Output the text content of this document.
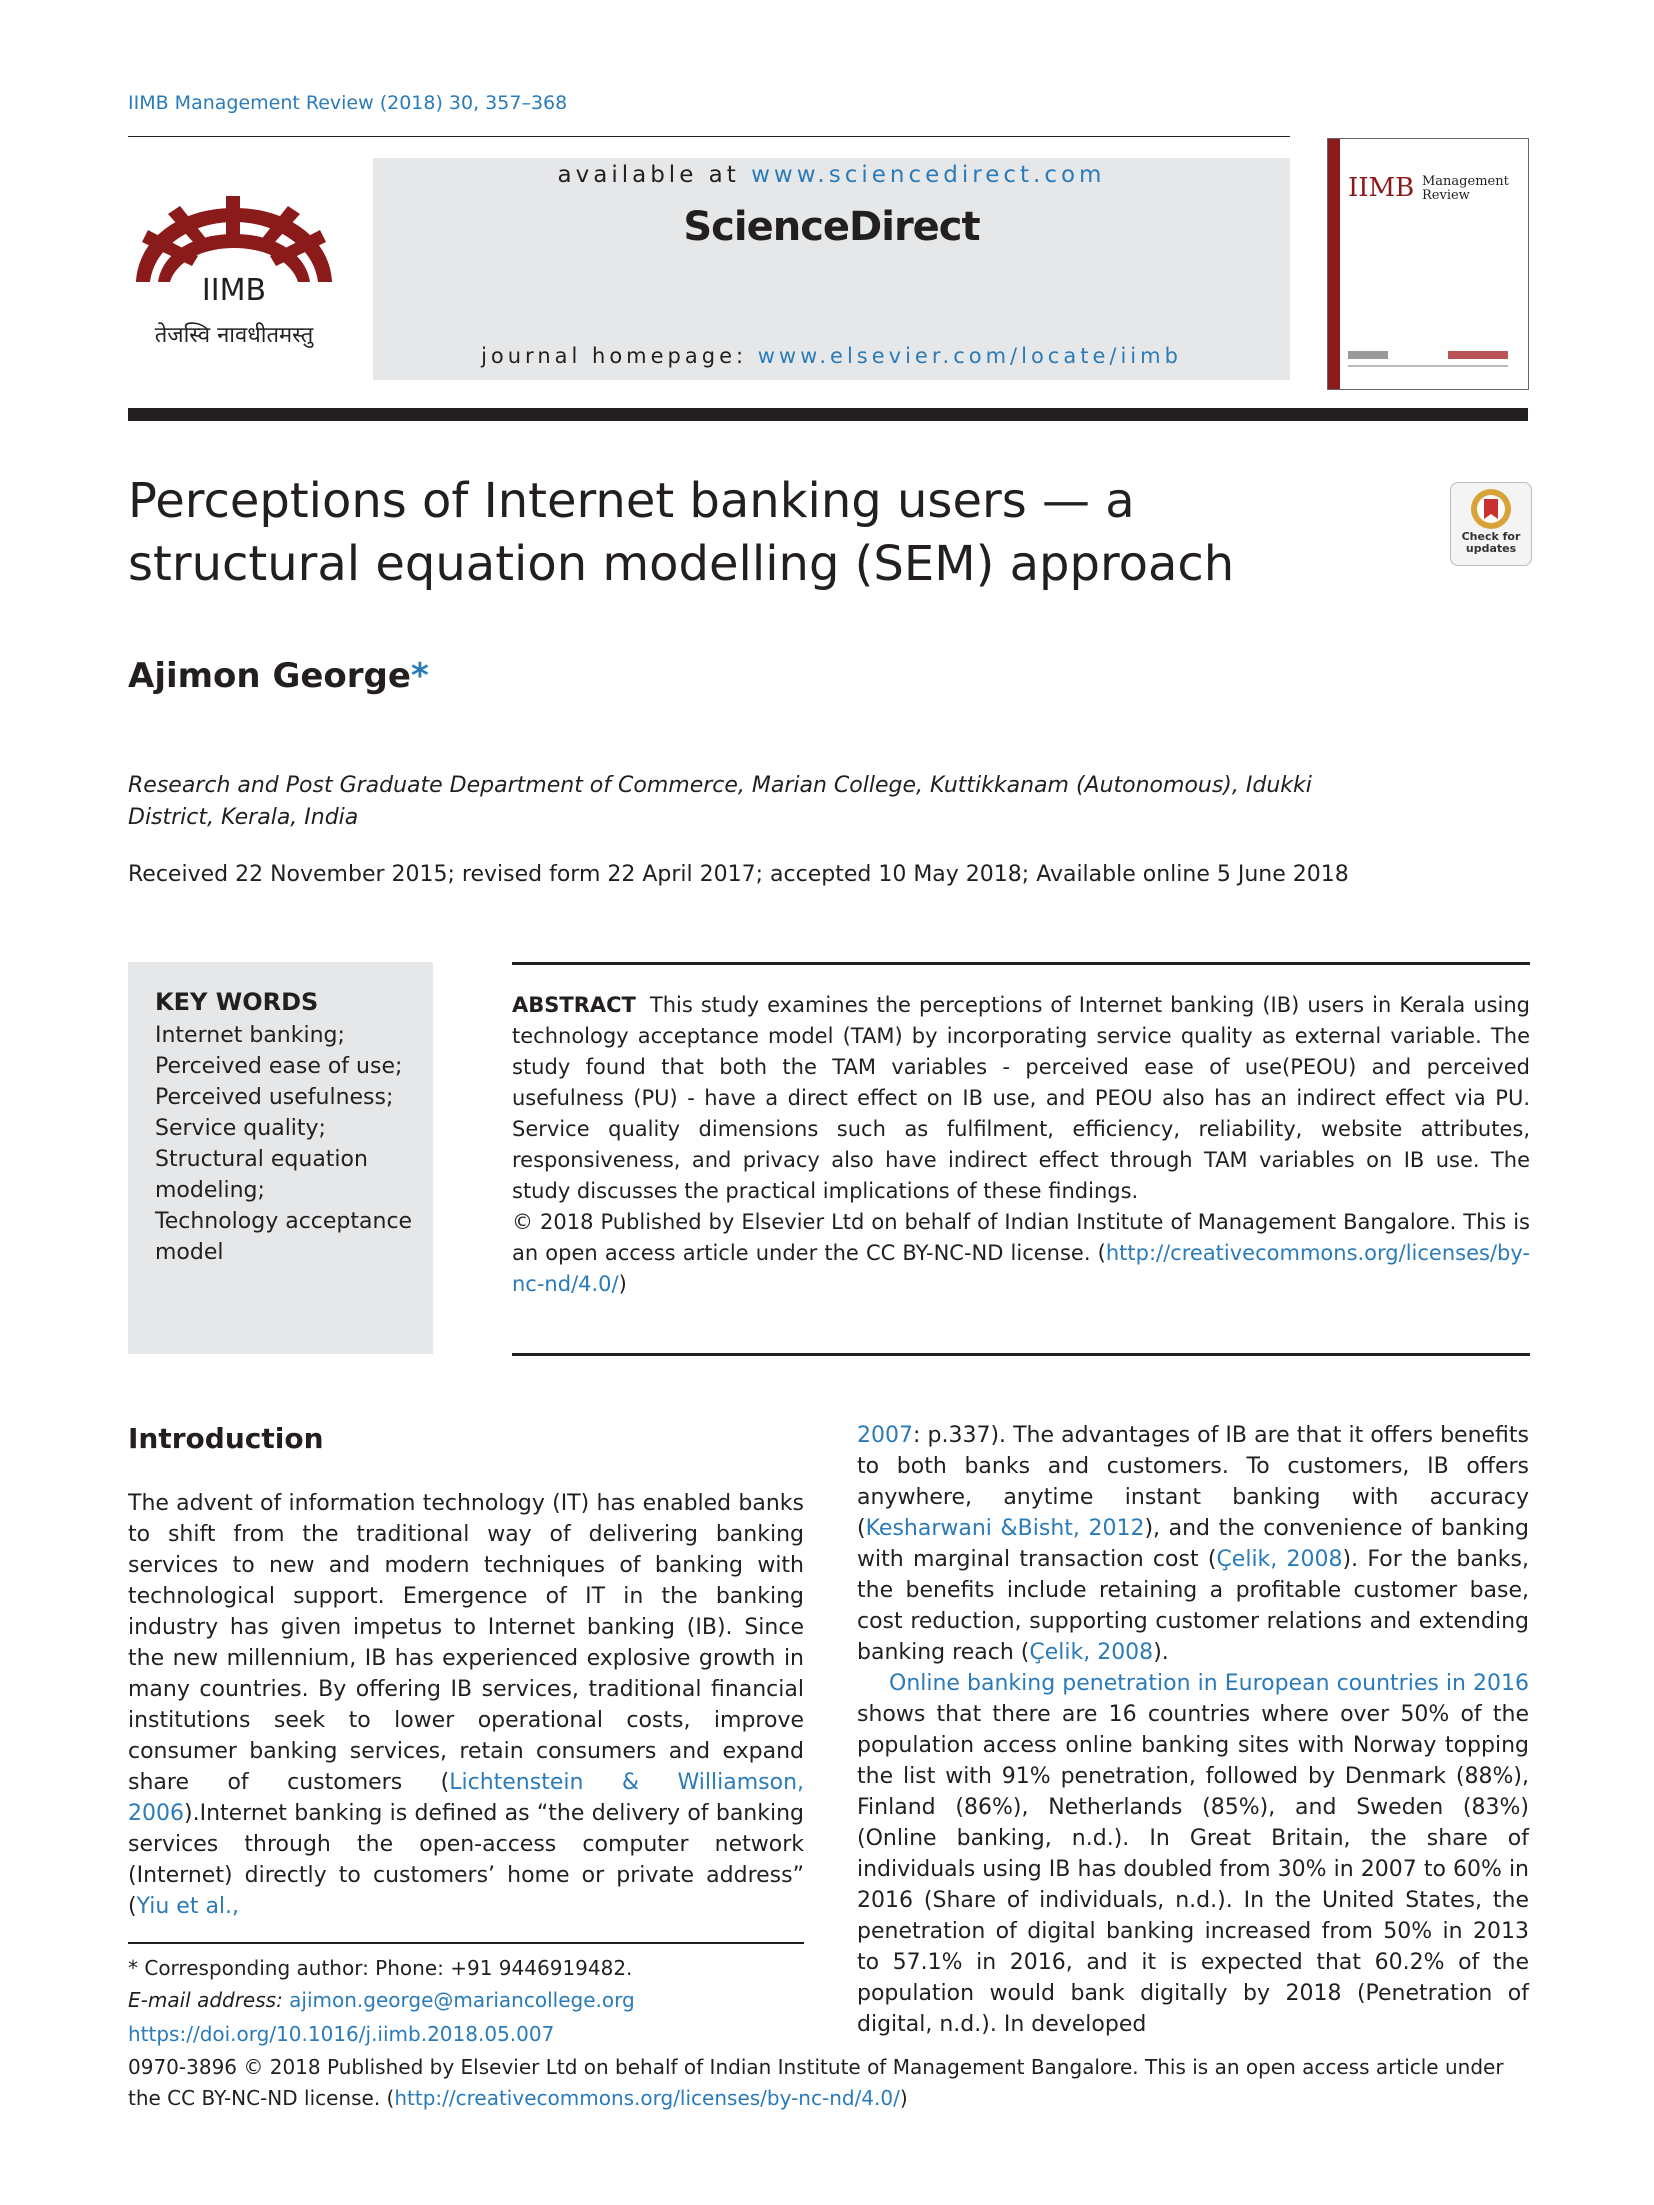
IIMB Management Review (2018) 30, 357–368
IIMB
तेजस्वि नावधीतमस्तु
available at www.sciencedirect.com
ScienceDirect
journal homepage: www.elsevier.com/locate/iimb
IIMB Management
Review
Perceptions of Internet banking users — a
structural equation modelling (SEM) approach	Check for
updates
Ajimon George*
Research and Post Graduate Department of Commerce, Marian College, Kuttikkanam (Autonomous), Idukki District, Kerala, India
Received 22 November 2015; revised form 22 April 2017; accepted 10 May 2018; Available online 5 June 2018
KEY WORDS
Internet banking;
Perceived ease of use;
Perceived usefulness;
Service quality;
Structural equation modeling;
Technology acceptance model

ABSTRACT This study examines the perceptions of Internet banking (IB) users in Kerala using technology acceptance model (TAM) by incorporating service quality as external variable. The study found that both the TAM variables - perceived ease of use(PEOU) and perceived usefulness (PU) - have a direct effect on IB use, and PEOU also has an indirect effect via PU. Service quality dimensions such as fulfilment, efficiency, reliability, website attributes, responsiveness, and privacy also have indirect effect through TAM variables on IB use. The study discusses the practical implications of these findings.

© 2018 Published by Elsevier Ltd on behalf of Indian Institute of Management Bangalore. This is an open access article under the CC BY-NC-ND license. (http://creativecommons.org/licenses/by-nc-nd/4.0/)

Introduction

The advent of information technology (IT) has enabled banks to shift from the traditional way of delivering banking services to new and modern techniques of banking with technological support. Emergence of IT in the banking industry has given impetus to Internet banking (IB). Since the new millennium, IB has experienced explosive growth in many countries. By offering IB services, traditional financial institutions seek to lower operational costs, improve consumer banking services, retain consumers and expand share of customers (Lichtenstein & Williamson, 2006).Internet banking is defined as “the delivery of banking services through the open-access computer network (Internet) directly to customers’ home or private address” (Yiu et al.,

2007: p.337). The advantages of IB are that it offers benefits to both banks and customers. To customers, IB offers anywhere, anytime instant banking with accuracy (Kesharwani &Bisht, 2012), and the convenience of banking with marginal transaction cost (Çelik, 2008). For the banks, the benefits include retaining a profitable customer base, cost reduction, supporting customer relations and extending banking reach (Çelik, 2008).

Online banking penetration in European countries in 2016 shows that there are 16 countries where over 50% of the population access online banking sites with Norway topping the list with 91% penetration, followed by Denmark (88%), Finland (86%), Netherlands (85%), and Sweden (83%) (Online banking, n.d.). In Great Britain, the share of individuals using IB has doubled from 30% in 2007 to 60% in 2016 (Share of individuals, n.d.). In the United States, the penetration of digital banking increased from 50% in 2013 to 57.1% in 2016, and it is expected that 60.2% of the population would bank digitally by 2018 (Penetration of digital, n.d.). In developed

* Corresponding author: Phone: +91 9446919482.
E-mail address: ajimon.george@mariancollege.org
https://doi.org/10.1016/j.iimb.2018.05.007
0970-3896 © 2018 Published by Elsevier Ltd on behalf of Indian Institute of Management Bangalore. This is an open access article under the CC BY-NC-ND license. (http://creativecommons.org/licenses/by-nc-nd/4.0/)
